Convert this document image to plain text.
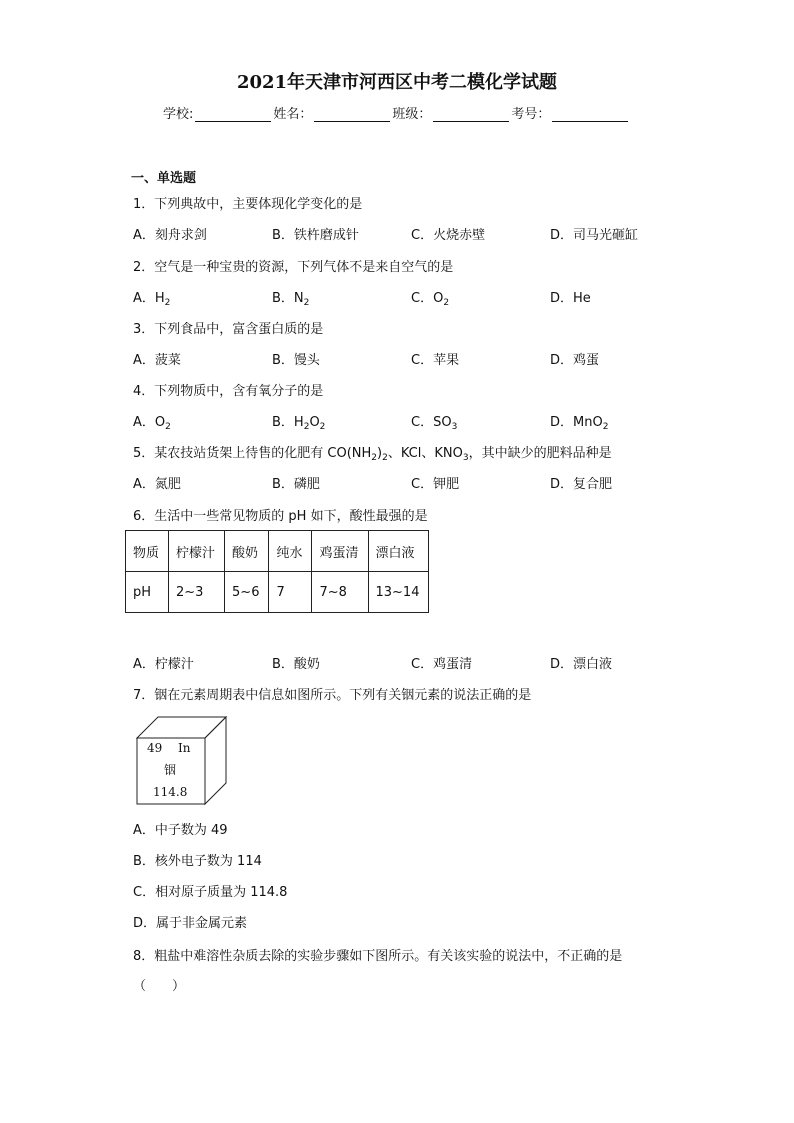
2021年天津市河西区中考二模化学试题
学校:	姓名：	班级：	考号：
一、单选题
1．下列典故中，主要体现化学变化的是
A．刻舟求剑	B．铁杵磨成针	C．火烧赤壁	D．司马光砸缸
2．空气是一种宝贵的资源，下列气体不是来自空气的是
A．$H_2$	B．$N_2$	C．$O_2$	D．He
3．下列食品中，富含蛋白质的是
A．菠菜	B．馒头	C．苹果	D．鸡蛋
4．下列物质中，含有氧分子的是
A．$O_2$	B．$H_2O_2$	C．$SO_3$	D．MnO$_2$
5．某农技站货架上待售的化肥有 $CO(NH_2)_2$、KCl、$KNO_3$，其中缺少的肥料品种是
A．氮肥	B．磷肥	C．钾肥	D．复合肥
6．生活中一些常见物质的 pH 如下，酸性最强的是
物质	柠檬汁	酸奶	纯水	鸡蛋清	漂白液
pH	2~3	5~6	7	7~8	13~14
A．柠檬汁	B．酸奶	C．鸡蛋清	D．漂白液
7．铟在元素周期表中信息如图所示。下列有关铟元素的说法正确的是
49 In
铟
114.8
A．中子数为 49
B．核外电子数为 114
C．相对原子质量为 114.8
D．属于非金属元素
8．粗盐中难溶性杂质去除的实验步骤如下图所示。有关该实验的说法中，不正确的是
（　　）
